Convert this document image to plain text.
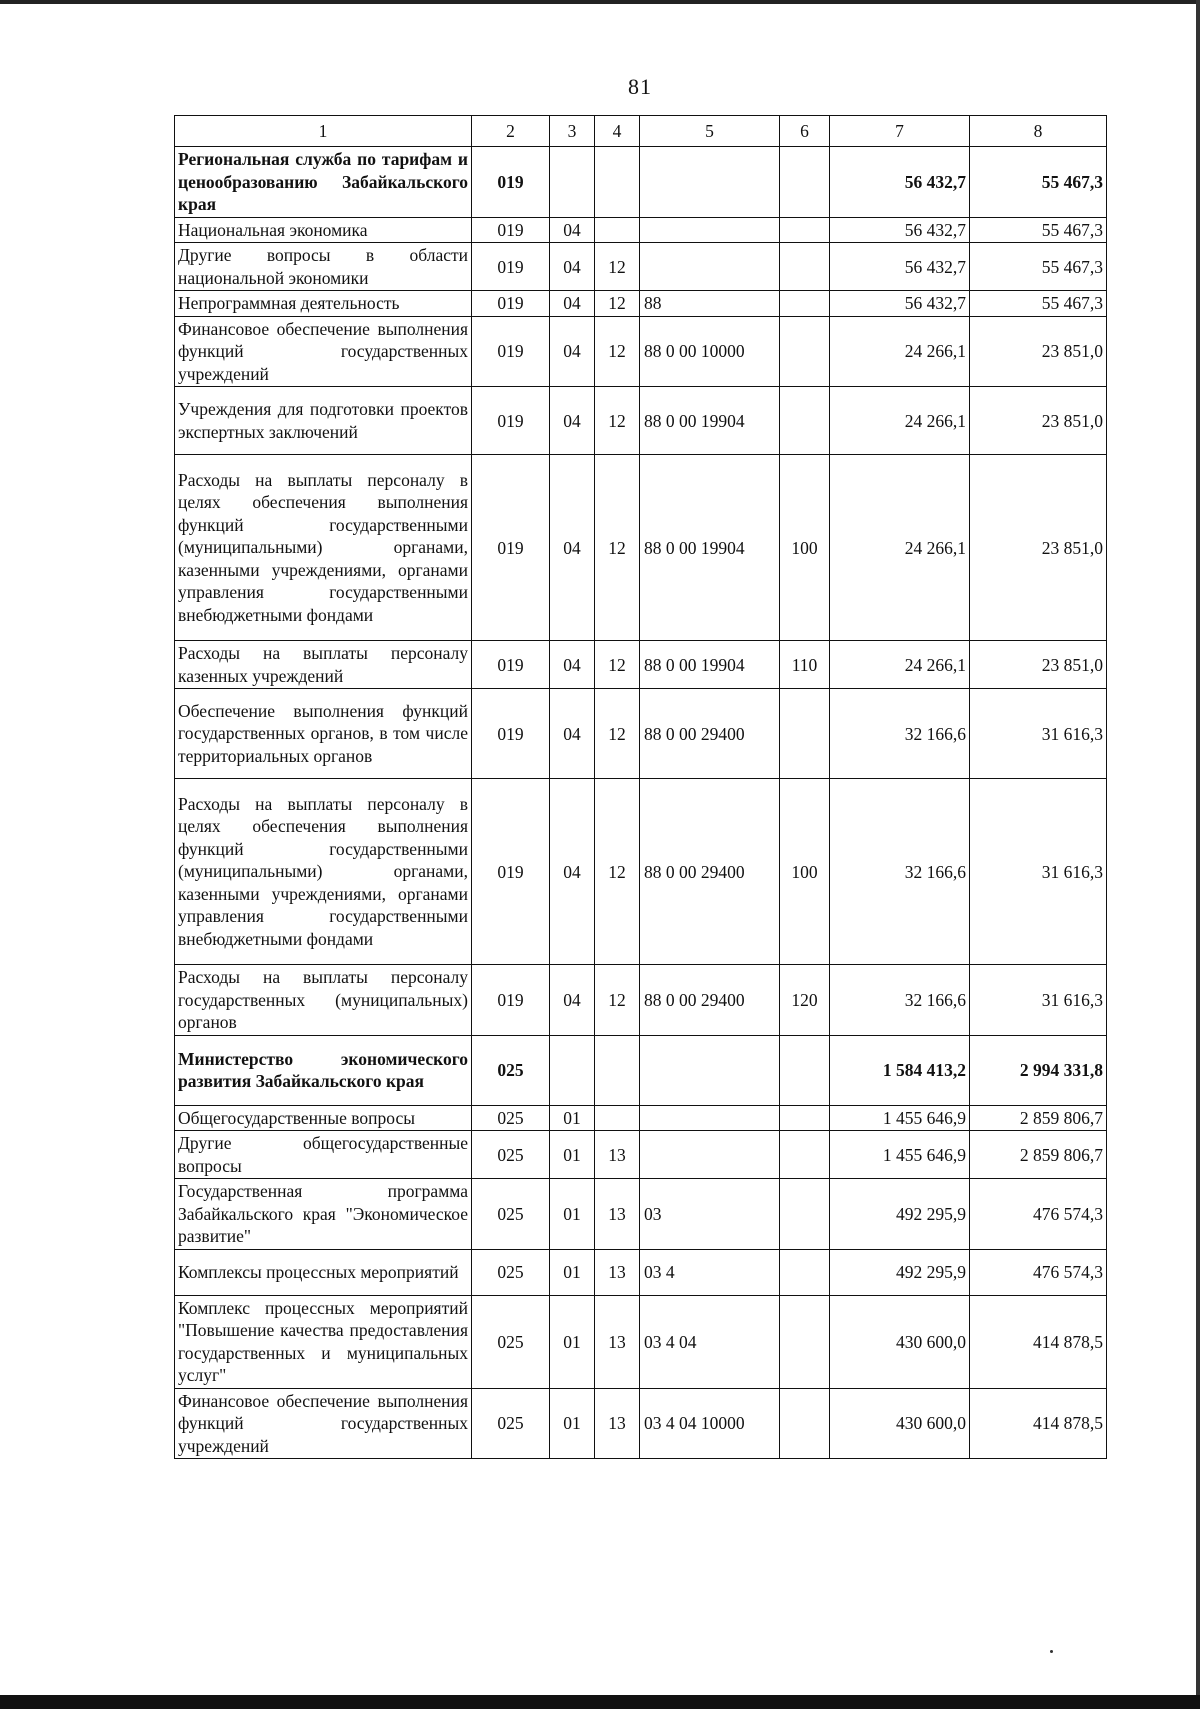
81
1	2	3	4	5	6	7	8
Региональная служба по тарифам и ценообразованию Забайкальского края	019					56 432,7	55 467,3
Национальная экономика	019	04				56 432,7	55 467,3
Другие вопросы в области национальной экономики	019	04	12			56 432,7	55 467,3
Непрограммная деятельность	019	04	12	88		56 432,7	55 467,3
Финансовое обеспечение выполнения функций государственных учреждений	019	04	12	88 0 00 10000		24 266,1	23 851,0
Учреждения для подготовки проектов экспертных заключений	019	04	12	88 0 00 19904		24 266,1	23 851,0
Расходы на выплаты персоналу в целях обеспечения выполнения функций государственными (муниципальными) органами, казенными учреждениями, органами управления государственными внебюджетными фондами	019	04	12	88 0 00 19904	100	24 266,1	23 851,0
Расходы на выплаты персоналу казенных учреждений	019	04	12	88 0 00 19904	110	24 266,1	23 851,0
Обеспечение выполнения функций государственных органов, в том числе территориальных органов	019	04	12	88 0 00 29400		32 166,6	31 616,3
Расходы на выплаты персоналу в целях обеспечения выполнения функций государственными (муниципальными) органами, казенными учреждениями, органами управления государственными внебюджетными фондами	019	04	12	88 0 00 29400	100	32 166,6	31 616,3
Расходы на выплаты персоналу государственных (муниципальных) органов	019	04	12	88 0 00 29400	120	32 166,6	31 616,3
Министерство экономического развития Забайкальского края	025					1 584 413,2	2 994 331,8
Общегосударственные вопросы	025	01				1 455 646,9	2 859 806,7
Другие общегосударственные вопросы	025	01	13			1 455 646,9	2 859 806,7
Государственная программа Забайкальского края "Экономическое развитие"	025	01	13	03		492 295,9	476 574,3
Комплексы процессных мероприятий	025	01	13	03 4		492 295,9	476 574,3
Комплекс процессных мероприятий "Повышение качества предоставления государственных и муниципальных услуг"	025	01	13	03 4 04		430 600,0	414 878,5
Финансовое обеспечение выполнения функций государственных учреждений	025	01	13	03 4 04 10000		430 600,0	414 878,5
